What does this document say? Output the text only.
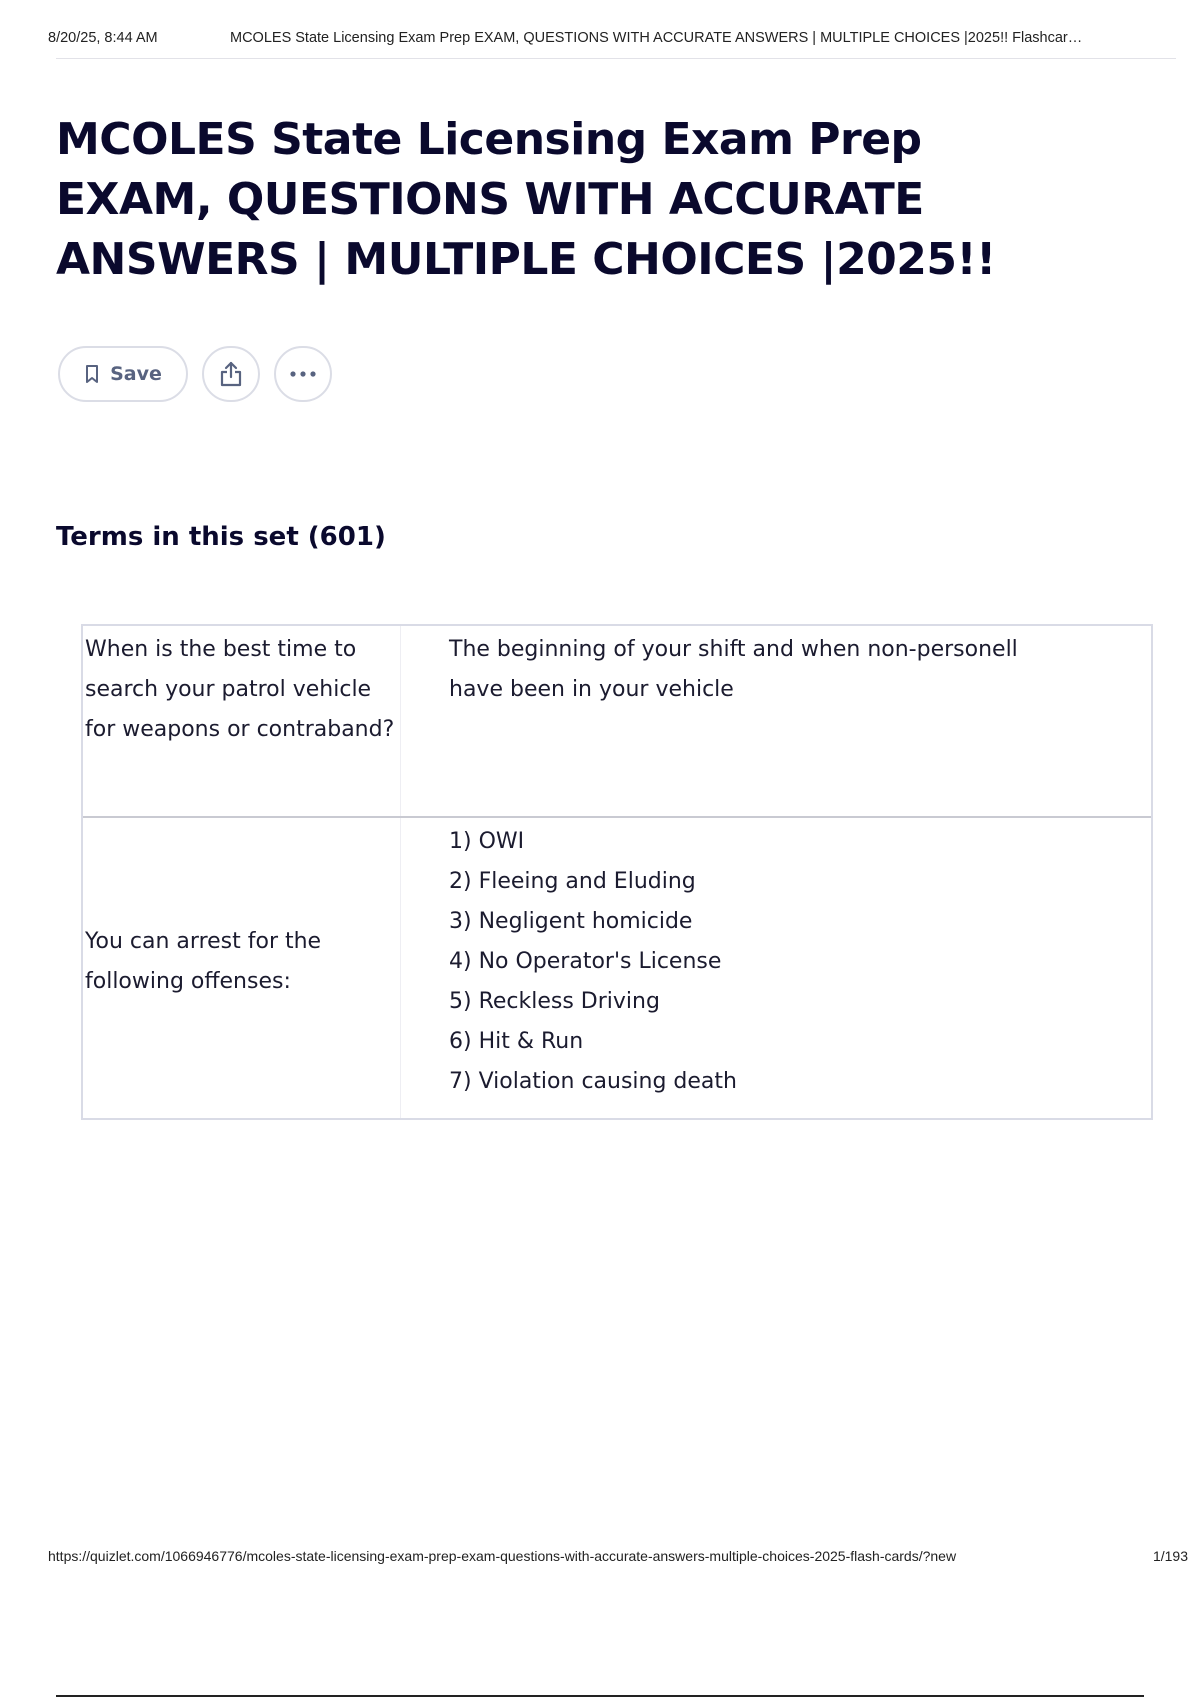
8/20/25, 8:44 AM	MCOLES State Licensing Exam Prep EXAM, QUESTIONS WITH ACCURATE ANSWERS | MULTIPLE CHOICES |2025!! Flashcar…
MCOLES State Licensing Exam Prep EXAM, QUESTIONS WITH ACCURATE ANSWERS | MULTIPLE CHOICES |2025!!
Save
Terms in this set (601)
When is the best time to search your patrol vehicle for weapons or contraband?
The beginning of your shift and when non-personell
have been in your vehicle
You can arrest for the following offenses:
1) OWI
2) Fleeing and Eluding
3) Negligent homicide
4) No Operator's License
5) Reckless Driving
6) Hit & Run
7) Violation causing death
https://quizlet.com/1066946776/mcoles-state-licensing-exam-prep-exam-questions-with-accurate-answers-multiple-choices-2025-flash-cards/?new	1/193
